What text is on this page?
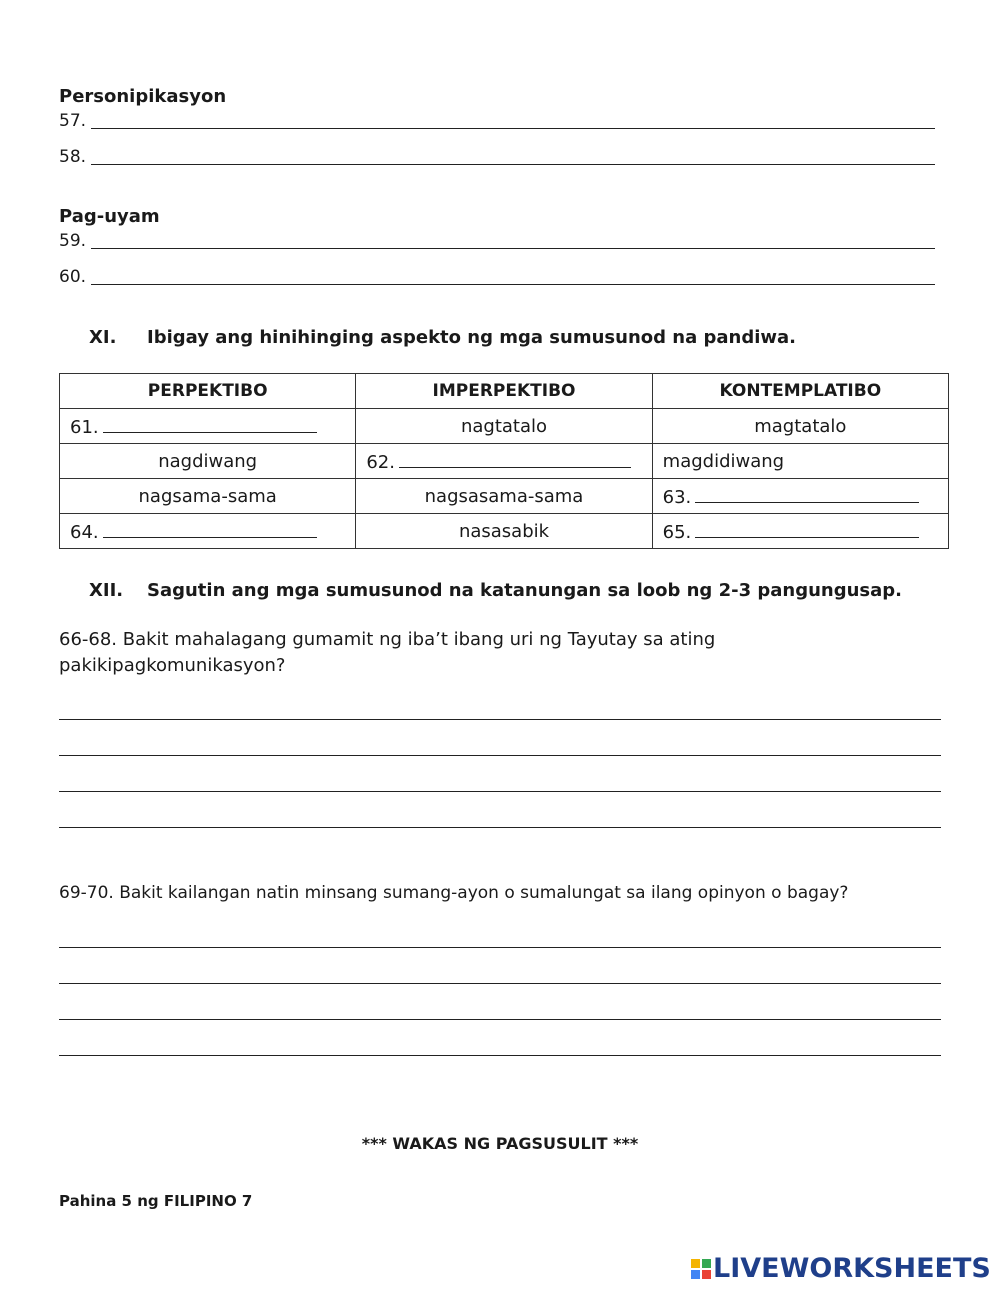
Personipikasyon
57.
58.
Pag-uyam
59.
60.
XI. Ibigay ang hinihinging aspekto ng mga sumusunod na pandiwa.
PERPEKTIBO	IMPERPEKTIBO	KONTEMPLATIBO
61.	nagtatalo	magtatalo
nagdiwang	62.	magdidiwang
nagsama-sama	nagsasama-sama	63.
64.	nasasabik	65.
XII. Sagutin ang mga sumusunod na katanungan sa loob ng 2-3 pangungusap.
66-68. Bakit mahalagang gumamit ng iba’t ibang uri ng Tayutay sa ating pakikipagkomunikasyon?
69-70. Bakit kailangan natin minsang sumang-ayon o sumalungat sa ilang opinyon o bagay?
*** WAKAS NG PAGSUSULIT ***
Pahina 5 ng FILIPINO 7
LIVEWORKSHEETS
